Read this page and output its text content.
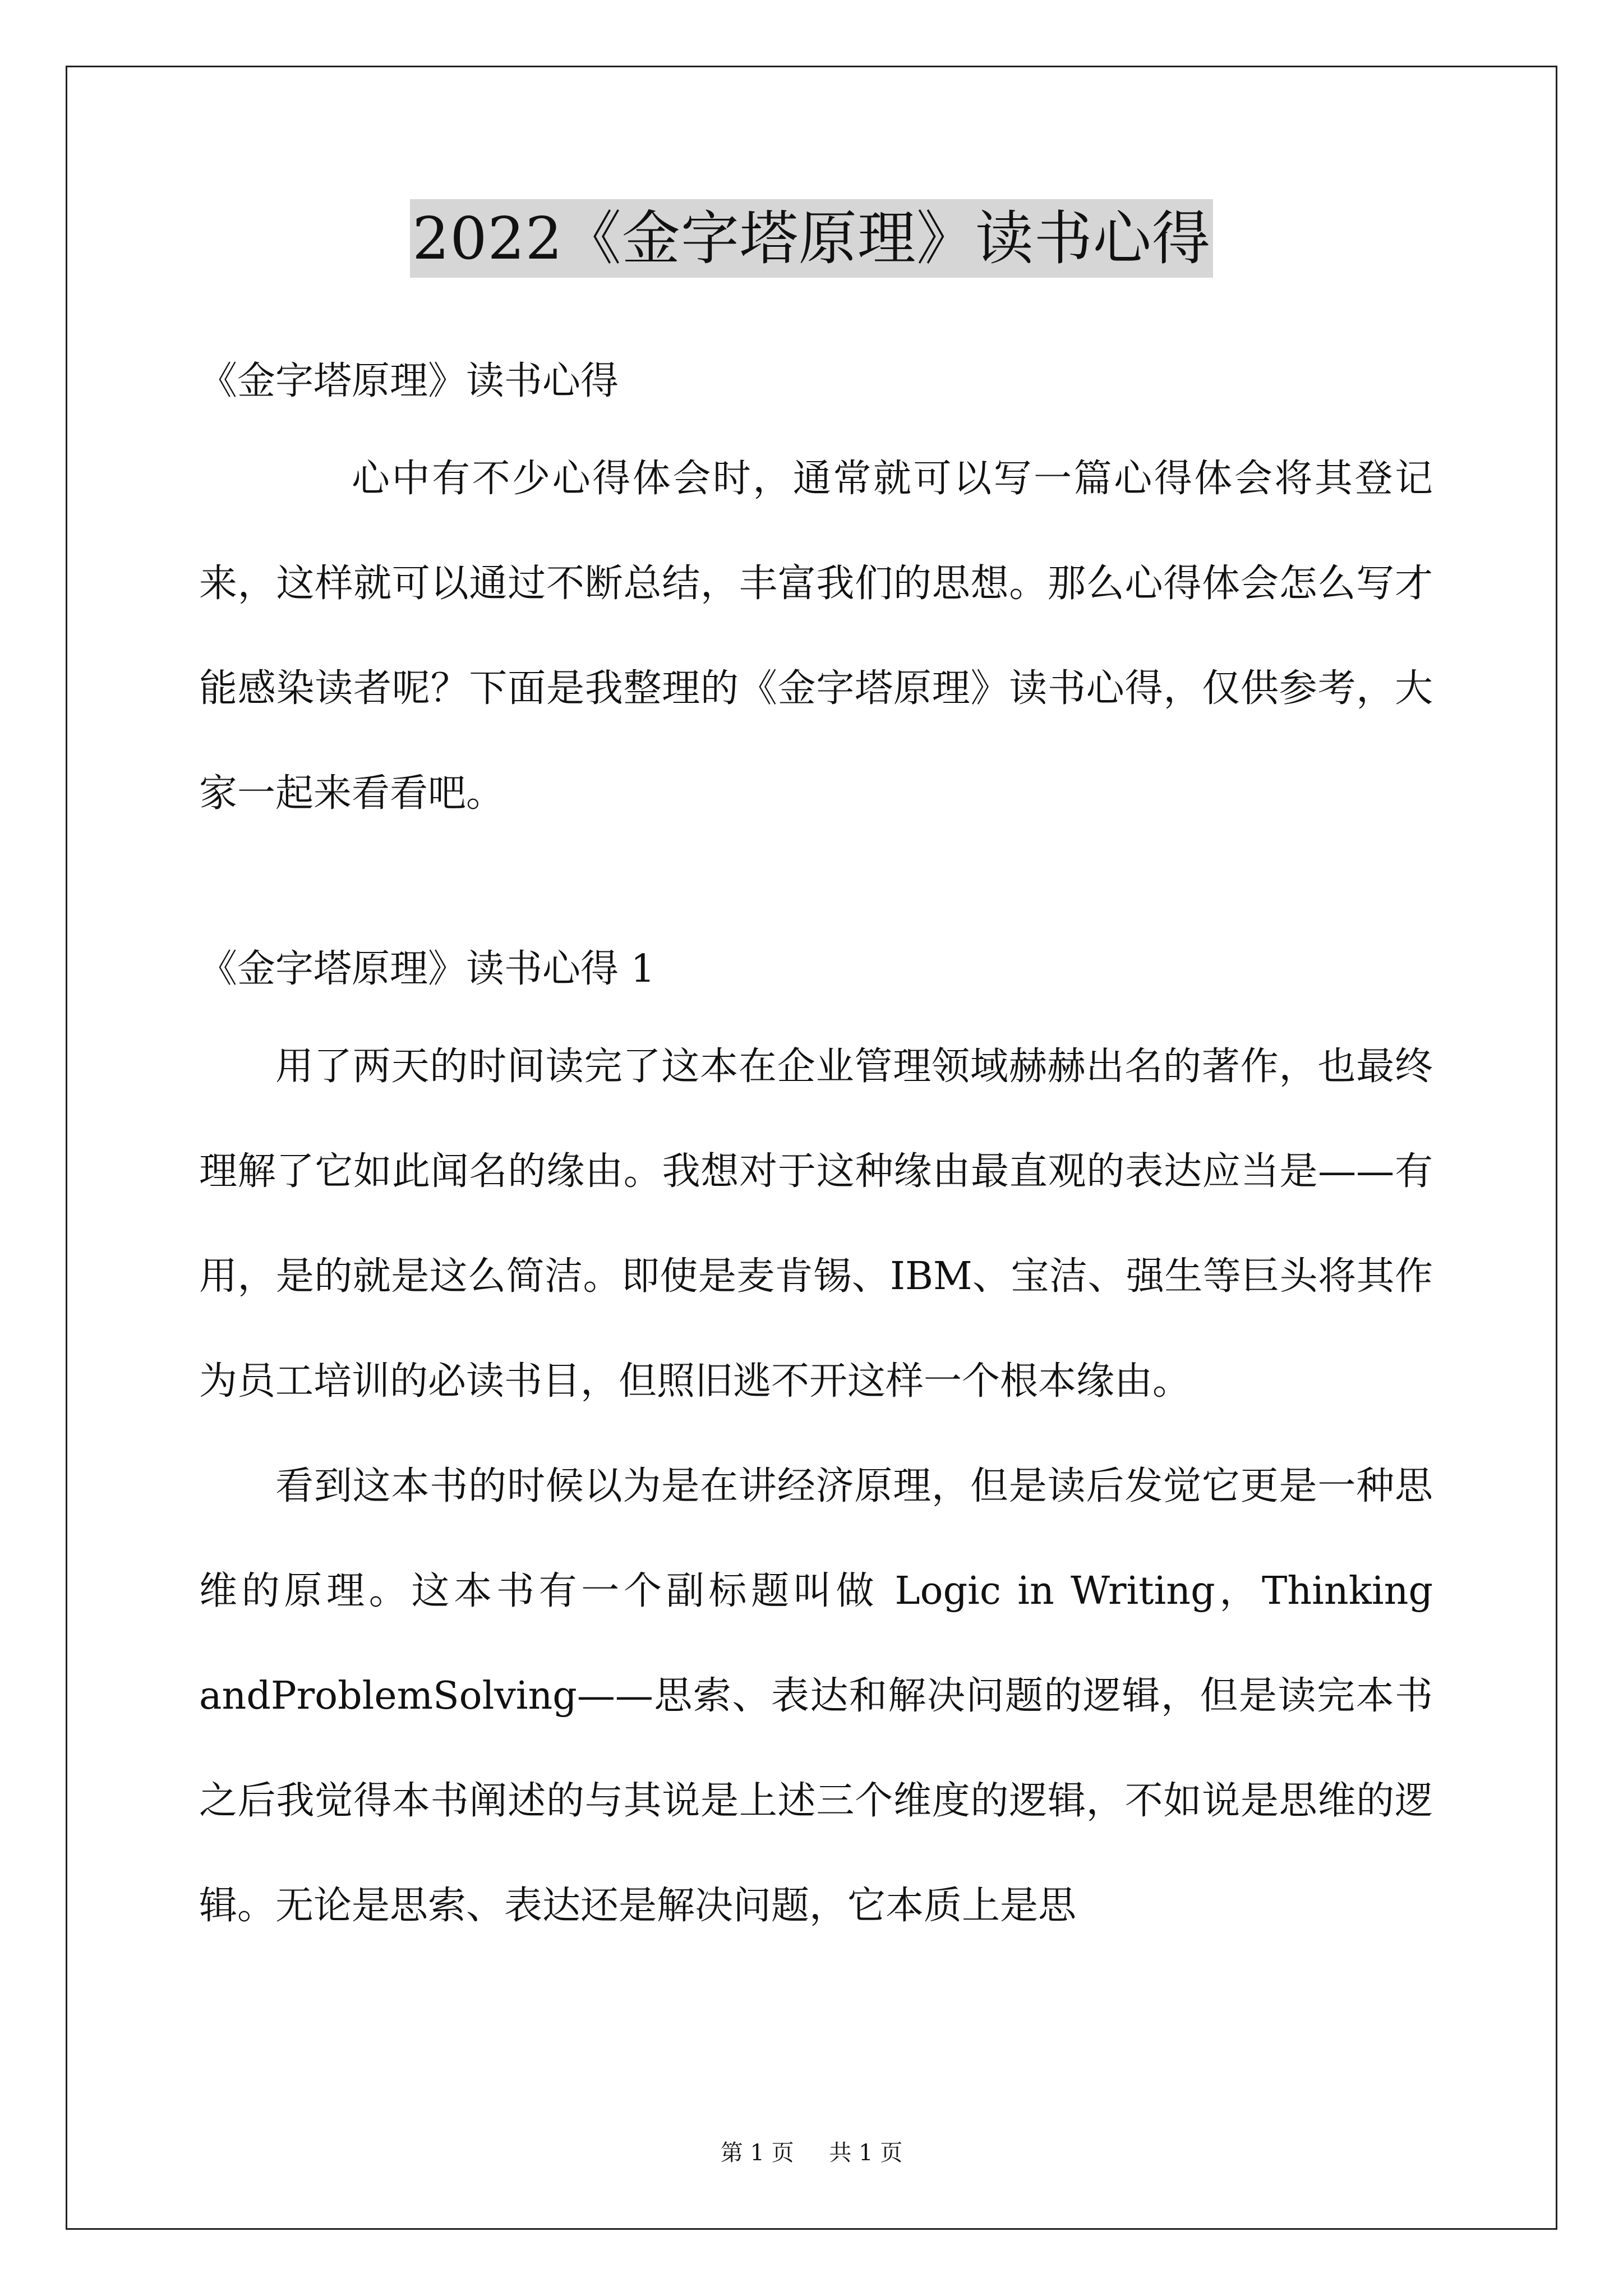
2022《金字塔原理》读书心得

《金字塔原理》读书心得

心中有不少心得体会时，通常就可以写一篇心得体会将其登记来，这样就可以通过不断总结，丰富我们的思想。那么心得体会怎么写才能感染读者呢？下面是我整理的《金字塔原理》读书心得，仅供参考，大家一起来看看吧。

《金字塔原理》读书心得 1

用了两天的时间读完了这本在企业管理领域赫赫出名的著作，也最终理解了它如此闻名的缘由。我想对于这种缘由最直观的表达应当是——有用，是的就是这么简洁。即使是麦肯锡、IBM、宝洁、强生等巨头将其作为员工培训的必读书目，但照旧逃不开这样一个根本缘由。

看到这本书的时候以为是在讲经济原理，但是读后发觉它更是一种思维的原理。这本书有一个副标题叫做 Logic in Writing，Thinking andProblemSolving——思索、表达和解决问题的逻辑，但是读完本书之后我觉得本书阐述的与其说是上述三个维度的逻辑，不如说是思维的逻辑。无论是思索、表达还是解决问题，它本质上是思

第 1 页 共 1 页
